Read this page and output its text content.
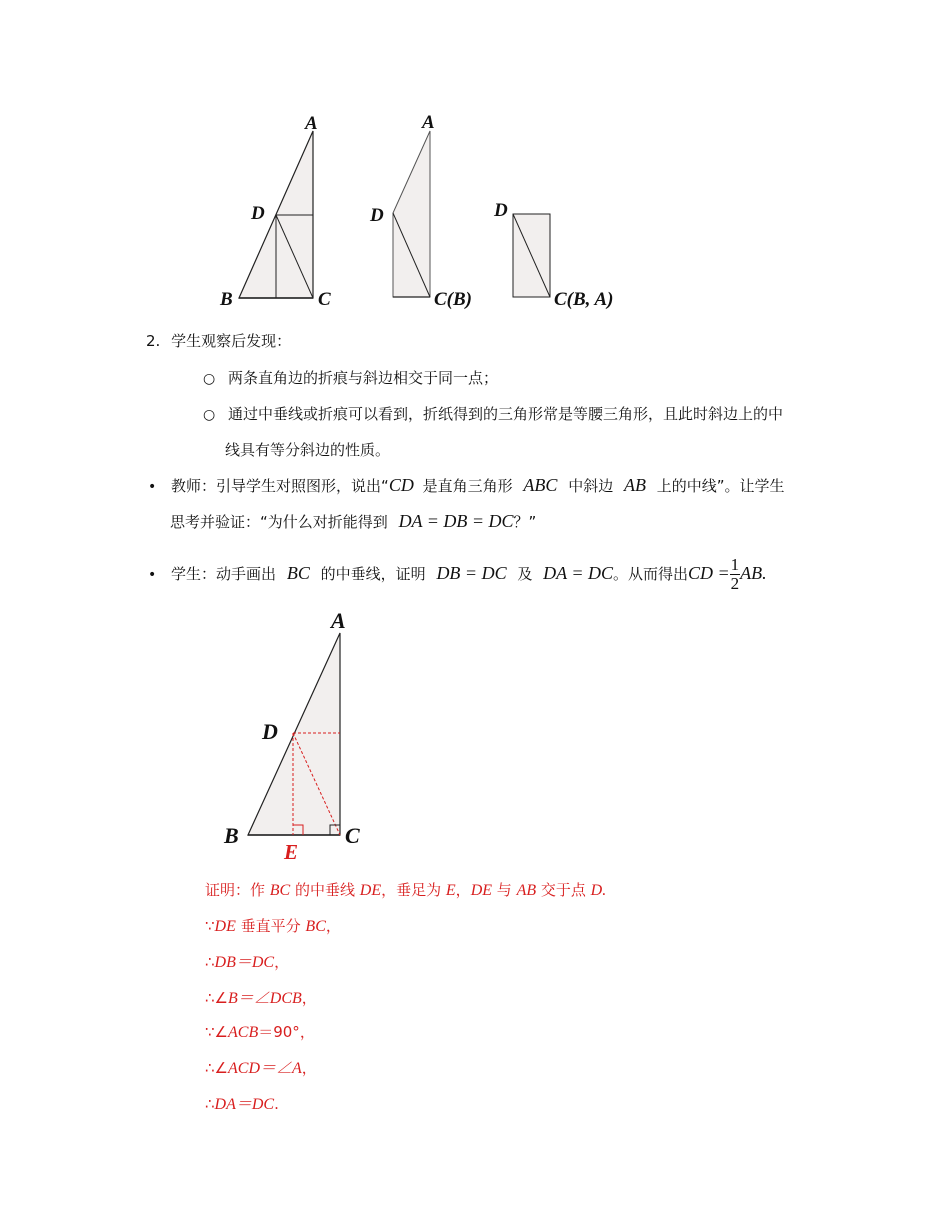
A
D
B	C
A
D
C(B)
D
C(B, A)
2. 学生观察后发现：
○ 两条直角边的折痕与斜边相交于同一点；
○ 通过中垂线或折痕可以看到，折纸得到的三角形常是等腰三角形，且此时斜边上的中
线具有等分斜边的性质。
• 教师：引导学生对照图形，说出“CD 是直角三角形 ABC 中斜边 AB 上的中线”。让学生
思考并验证：“为什么对折能得到 DA = DB = DC？”
• 学生：动手画出 BC 的中垂线，证明 DB = DC 及 DA = DC。从而得出CD = $\frac{1}{2}$ AB.
A
D
B	C
E
证明：作 BC 的中垂线 DE，垂足为 E，DE 与 AB 交于点 D.
∵DE 垂直平分 BC，
∴DB＝DC，
∴∠B＝∠DCB，
∵∠ACB＝90°，
∴∠ACD＝∠A，
∴DA＝DC.
